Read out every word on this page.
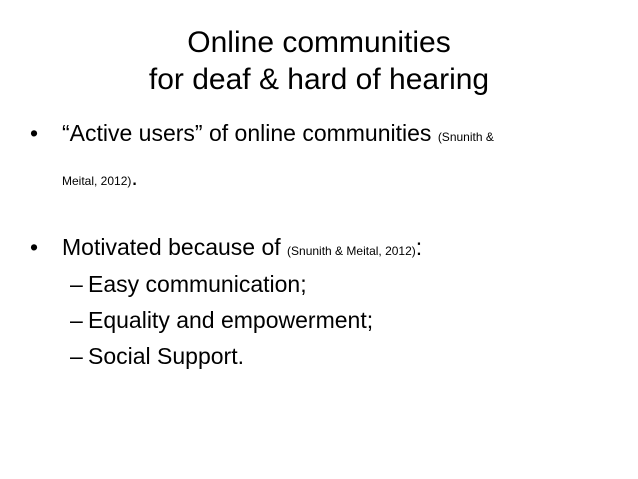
Online communities
for deaf & hard of hearing
• “Active users” of online communities (Snunith &
Meital, 2012).
• Motivated because of (Snunith & Meital, 2012):
– Easy communication;
– Equality and empowerment;
– Social Support.
